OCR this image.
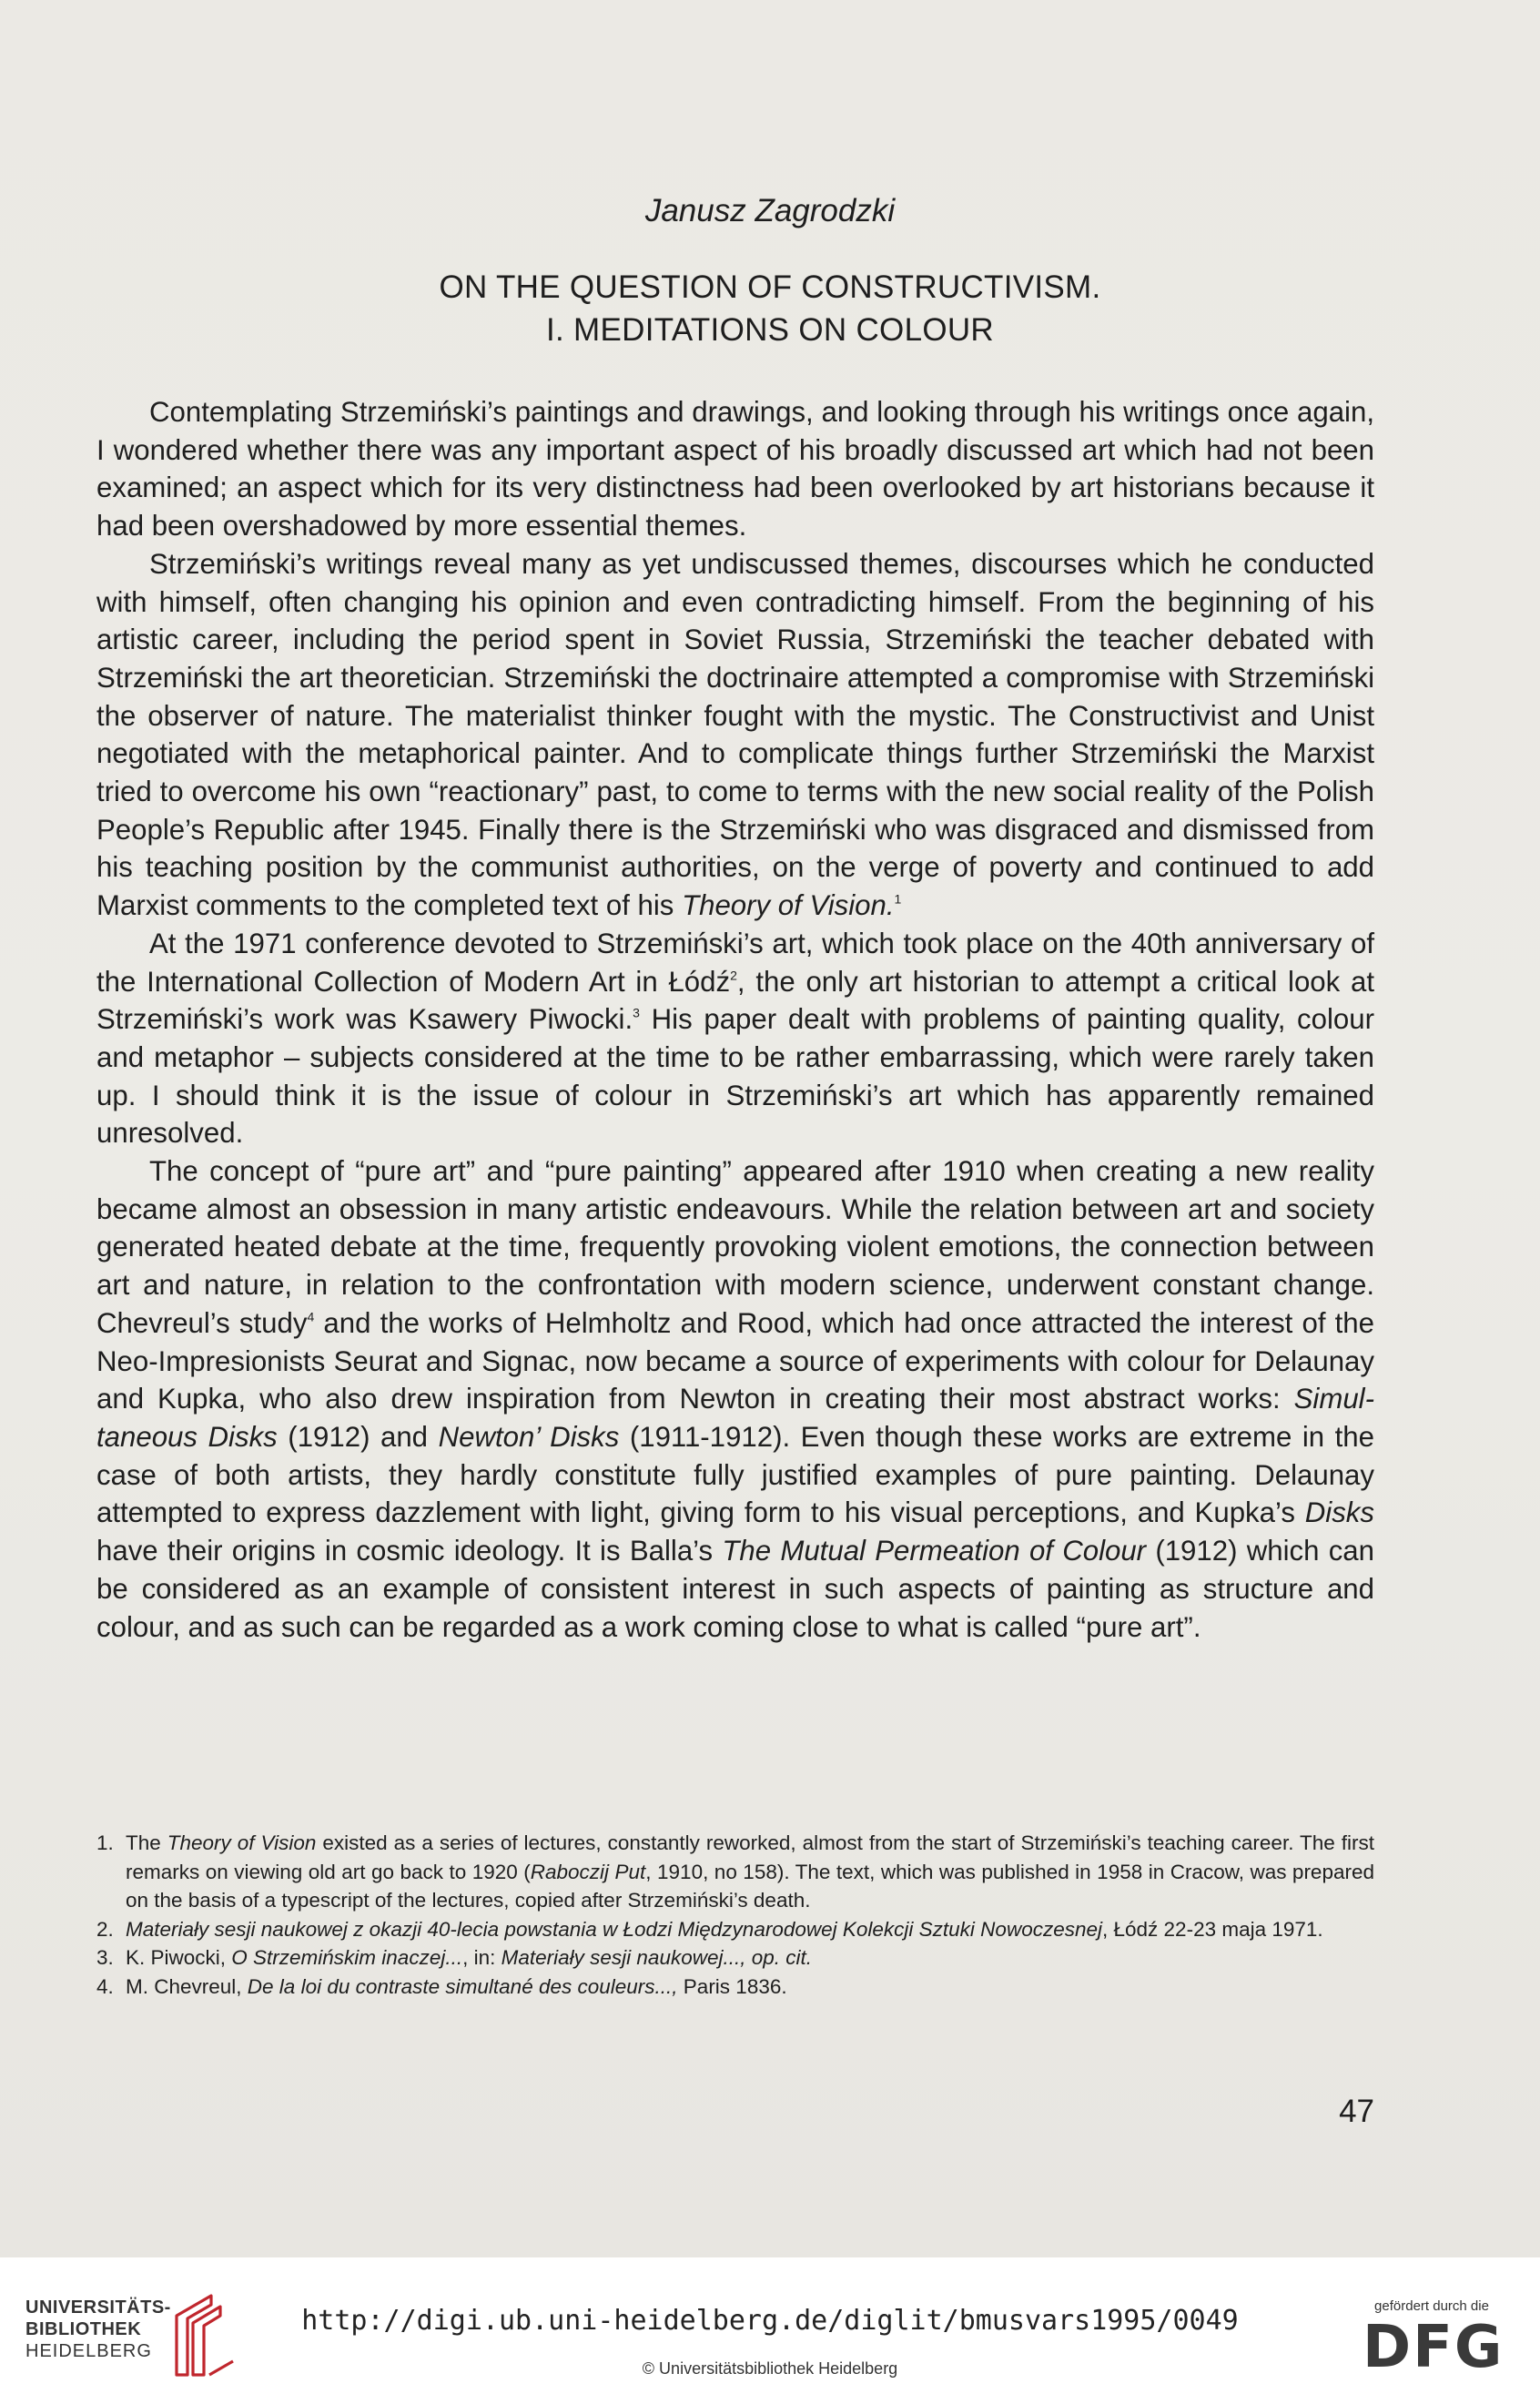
Janusz Zagrodzki
ON THE QUESTION OF CONSTRUCTIVISM.
I. MEDITATIONS ON COLOUR

Contemplating Strzemiński’s paintings and drawings, and looking through his writings once again, I wondered whether there was any important aspect of his broadly discussed art which had not been examined; an aspect which for its very distinctness had been overlooked by art historians because it had been overshadowed by more essential themes.

Strzemiński’s writings reveal many as yet undiscussed themes, discourses which he conducted with himself, often changing his opinion and even contradicting himself. From the beginning of his artistic career, including the period spent in Soviet Russia, Strzemiński the teacher debated with Strzemiński the art theoretician. Strzemiński the doctrinaire attempted a compromise with Strzemiński the observer of nature. The materialist thinker fought with the mystic. The Constructivist and Unist negotiated with the metaphorical painter. And to complicate things further Strzemiński the Marxist tried to overcome his own “reactionary” past, to come to terms with the new social reality of the Polish People’s Republic after 1945. Finally there is the Strzemiński who was disgraced and dismissed from his teaching position by the communist authorities, on the verge of poverty and continued to add Marxist comments to the completed text of his Theory of Vision.$^1$

At the 1971 conference devoted to Strzemiński’s art, which took place on the 40th anniversary of the International Collection of Modern Art in Łódź$^2$, the only art historian to attempt a critical look at Strzemiński’s work was Ksawery Piwocki.$^3$ His paper dealt with problems of painting quality, colour and metaphor – subjects considered at the time to be rather embarrassing, which were rarely taken up. I should think it is the issue of colour in Strzemiński’s art which has apparently remained unresolved.

The concept of “pure art” and “pure painting” appeared after 1910 when creating a new reality became almost an obsession in many artistic endeavours. While the relation between art and society generated heated debate at the time, frequently provoking violent emotions, the connection between art and nature, in relation to the confrontation with modern science, underwent constant change. Chevreul’s study$^4$ and the works of Helmholtz and Rood, which had once attracted the interest of the Neo-Impresionists Seurat and Signac, now became a source of experiments with colour for Delaunay and Kupka, who also drew inspiration from Newton in creating their most abstract works: Simultaneous Disks (1912) and Newton’ Disks (1911-1912). Even though these works are extreme in the case of both artists, they hardly constitute fully justified examples of pure painting. Delaunay attempted to express dazzlement with light, giving form to his visual perceptions, and Kupka’s Disks have their origins in cosmic ideology. It is Balla’s The Mutual Permeation of Colour (1912) which can be considered as an example of consistent interest in such aspects of painting as structure and colour, and as such can be regarded as a work coming close to what is called “pure art”.

1. The Theory of Vision existed as a series of lectures, constantly reworked, almost from the start of Strzemiński’s teaching career. The first remarks on viewing old art go back to 1920 (Raboczij Put, 1910, no 158). The text, which was published in 1958 in Cracow, was prepared on the basis of a typescript of the lectures, copied after Strzemiński’s death.
2. Materiały sesji naukowej z okazji 40-lecia powstania w Łodzi Międzynarodowej Kolekcji Sztuki Nowoczesnej, Łódź 22-23 maja 1971.
3. K. Piwocki, O Strzemińskim inaczej..., in: Materiały sesji naukowej..., op. cit.
4. M. Chevreul, De la loi du contraste simultané des couleurs..., Paris 1836.
47
UNIVERSITÄTS-
BIBLIOTHEK
HEIDELBERG
http://digi.ub.uni-heidelberg.de/diglit/bmusvars1995/0049
© Universitätsbibliothek Heidelberg
gefördert durch die
DFG
